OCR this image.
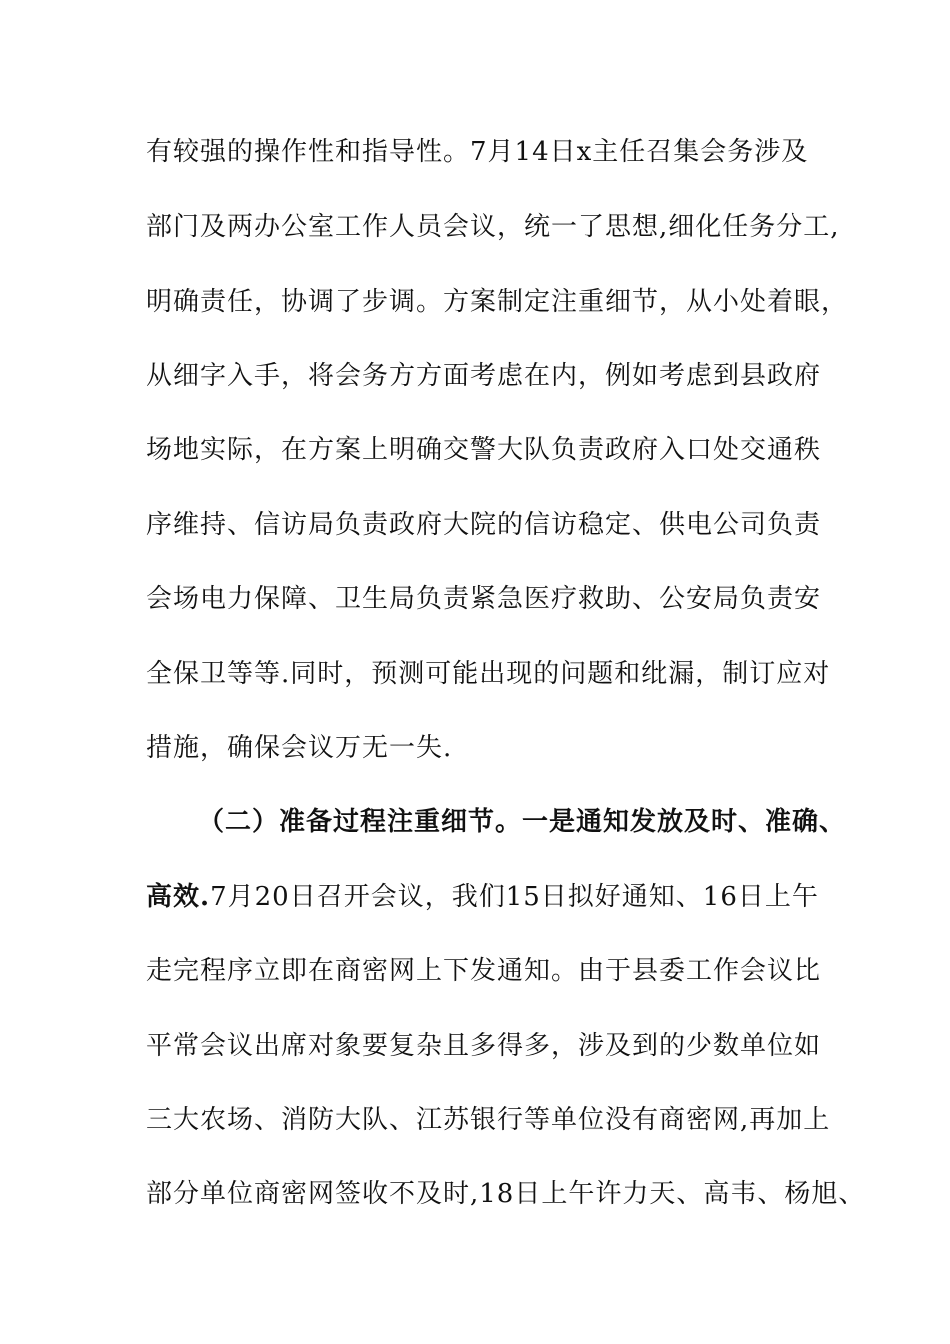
有较强的操作性和指导性。7月14日x主任召集会务涉及
部门及两办公室工作人员会议，统一了思想,细化任务分工,
明确责任，协调了步调。方案制定注重细节，从小处着眼，
从细字入手，将会务方方面考虑在内，例如考虑到县政府
场地实际，在方案上明确交警大队负责政府入口处交通秩
序维持、信访局负责政府大院的信访稳定、供电公司负责
会场电力保障、卫生局负责紧急医疗救助、公安局负责安
全保卫等等.同时，预测可能出现的问题和纰漏，制订应对
措施，确保会议万无一失.
（二）准备过程注重细节。一是通知发放及时、准确、
高效.7月20日召开会议，我们15日拟好通知、16日上午
走完程序立即在商密网上下发通知。由于县委工作会议比
平常会议出席对象要复杂且多得多，涉及到的少数单位如
三大农场、消防大队、江苏银行等单位没有商密网,再加上
部分单位商密网签收不及时,18日上午许力天、高韦、杨旭、
